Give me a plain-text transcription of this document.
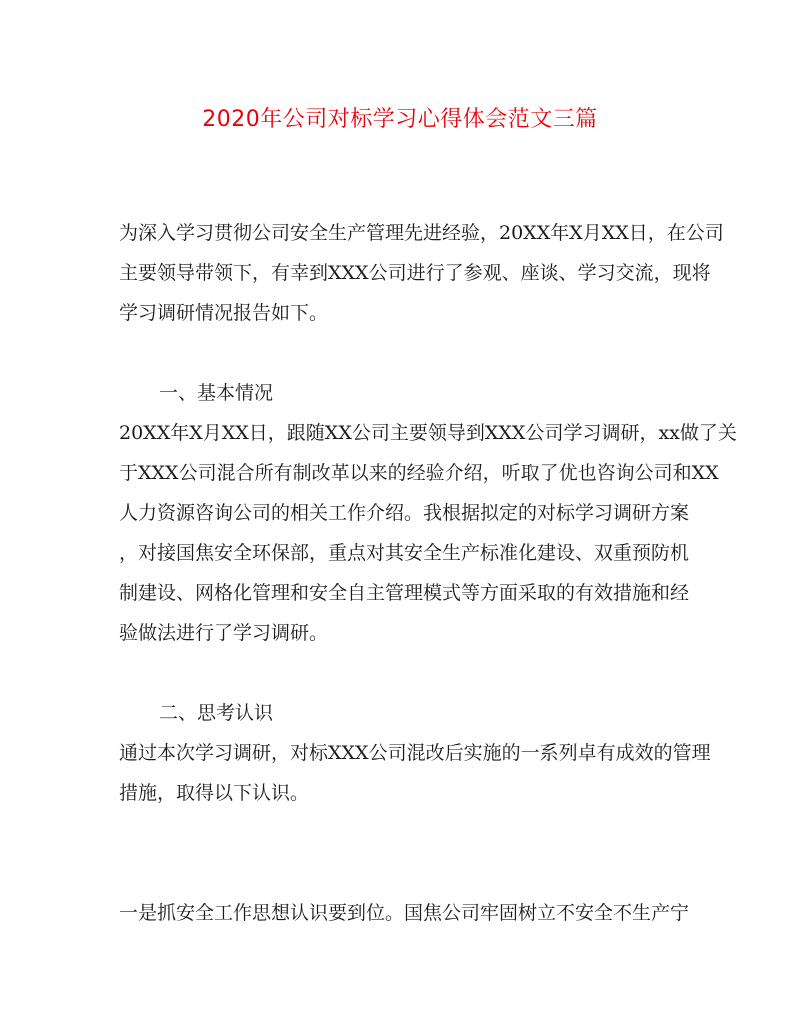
2020年公司对标学习心得体会范文三篇
为深入学习贯彻公司安全生产管理先进经验，20XX年X月XX日，在公司
主要领导带领下，有幸到XXX公司进行了参观、座谈、学习交流，现将
学习调研情况报告如下。
一、基本情况
20XX年X月XX日，跟随XX公司主要领导到XXX公司学习调研，xx做了关
于XXX公司混合所有制改革以来的经验介绍，听取了优也咨询公司和XX
人力资源咨询公司的相关工作介绍。我根据拟定的对标学习调研方案
，对接国焦安全环保部，重点对其安全生产标准化建设、双重预防机
制建设、网格化管理和安全自主管理模式等方面采取的有效措施和经
验做法进行了学习调研。
二、思考认识
通过本次学习调研，对标XXX公司混改后实施的一系列卓有成效的管理
措施，取得以下认识。
一是抓安全工作思想认识要到位。国焦公司牢固树立不安全不生产宁
